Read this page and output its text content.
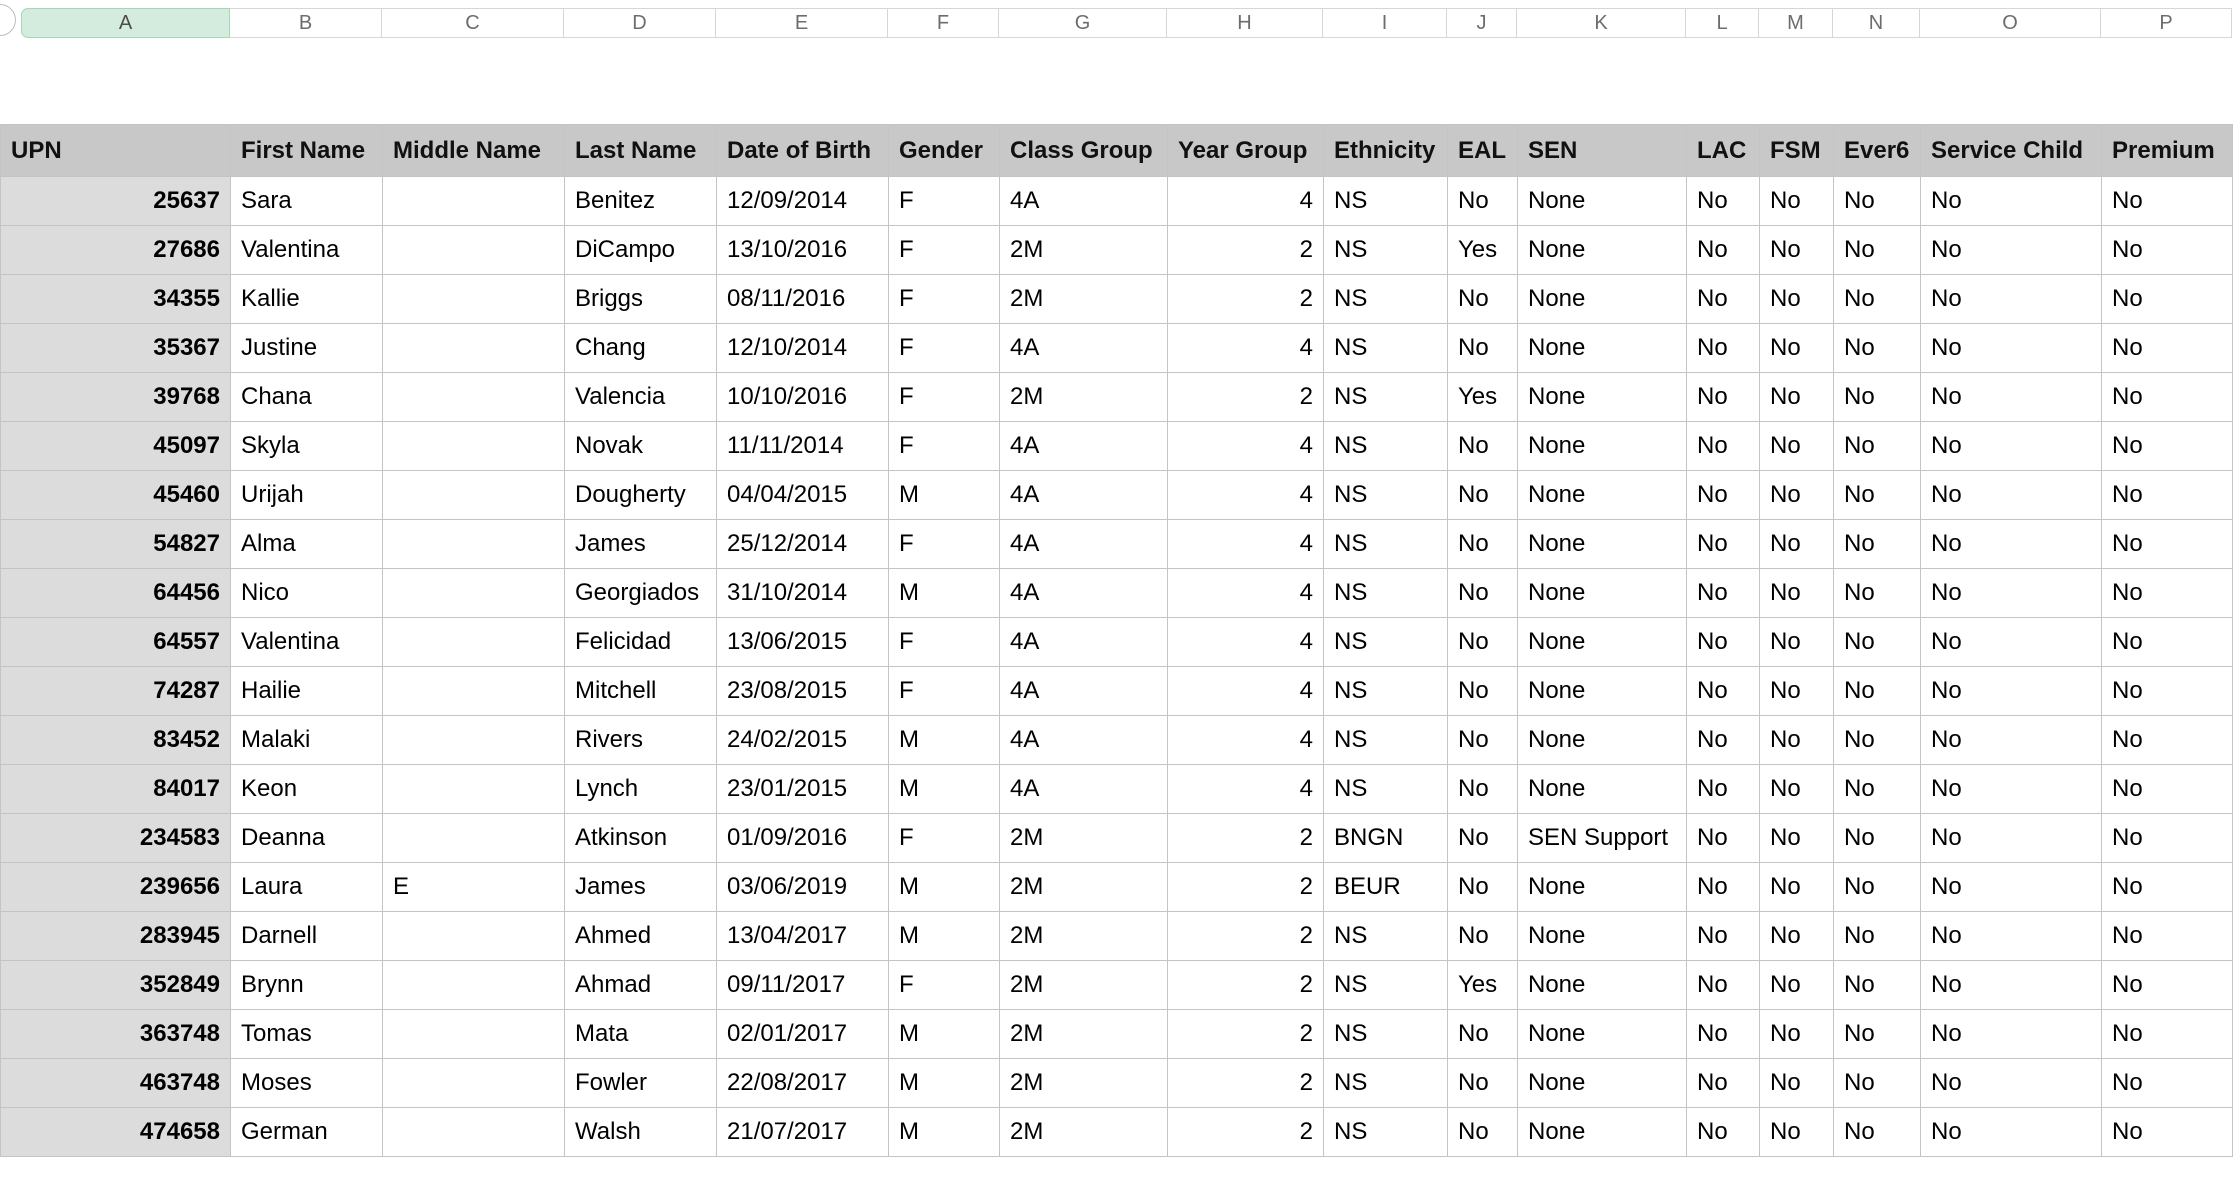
A	B	C	D	E	F	G	H	I	J	K	L	M	N	O	P
UPN	First Name	Middle Name	Last Name	Date of Birth	Gender	Class Group	Year Group	Ethnicity	EAL	SEN	LAC	FSM	Ever6	Service Child	Premium
25637	Sara		Benitez	12/09/2014	F	4A	4	NS	No	None	No	No	No	No	No
27686	Valentina		DiCampo	13/10/2016	F	2M	2	NS	Yes	None	No	No	No	No	No
34355	Kallie		Briggs	08/11/2016	F	2M	2	NS	No	None	No	No	No	No	No
35367	Justine		Chang	12/10/2014	F	4A	4	NS	No	None	No	No	No	No	No
39768	Chana		Valencia	10/10/2016	F	2M	2	NS	Yes	None	No	No	No	No	No
45097	Skyla		Novak	11/11/2014	F	4A	4	NS	No	None	No	No	No	No	No
45460	Urijah		Dougherty	04/04/2015	M	4A	4	NS	No	None	No	No	No	No	No
54827	Alma		James	25/12/2014	F	4A	4	NS	No	None	No	No	No	No	No
64456	Nico		Georgiados	31/10/2014	M	4A	4	NS	No	None	No	No	No	No	No
64557	Valentina		Felicidad	13/06/2015	F	4A	4	NS	No	None	No	No	No	No	No
74287	Hailie		Mitchell	23/08/2015	F	4A	4	NS	No	None	No	No	No	No	No
83452	Malaki		Rivers	24/02/2015	M	4A	4	NS	No	None	No	No	No	No	No
84017	Keon		Lynch	23/01/2015	M	4A	4	NS	No	None	No	No	No	No	No
234583	Deanna		Atkinson	01/09/2016	F	2M	2	BNGN	No	SEN Support	No	No	No	No	No
239656	Laura	E	James	03/06/2019	M	2M	2	BEUR	No	None	No	No	No	No	No
283945	Darnell		Ahmed	13/04/2017	M	2M	2	NS	No	None	No	No	No	No	No
352849	Brynn		Ahmad	09/11/2017	F	2M	2	NS	Yes	None	No	No	No	No	No
363748	Tomas		Mata	02/01/2017	M	2M	2	NS	No	None	No	No	No	No	No
463748	Moses		Fowler	22/08/2017	M	2M	2	NS	No	None	No	No	No	No	No
474658	German		Walsh	21/07/2017	M	2M	2	NS	No	None	No	No	No	No	No
